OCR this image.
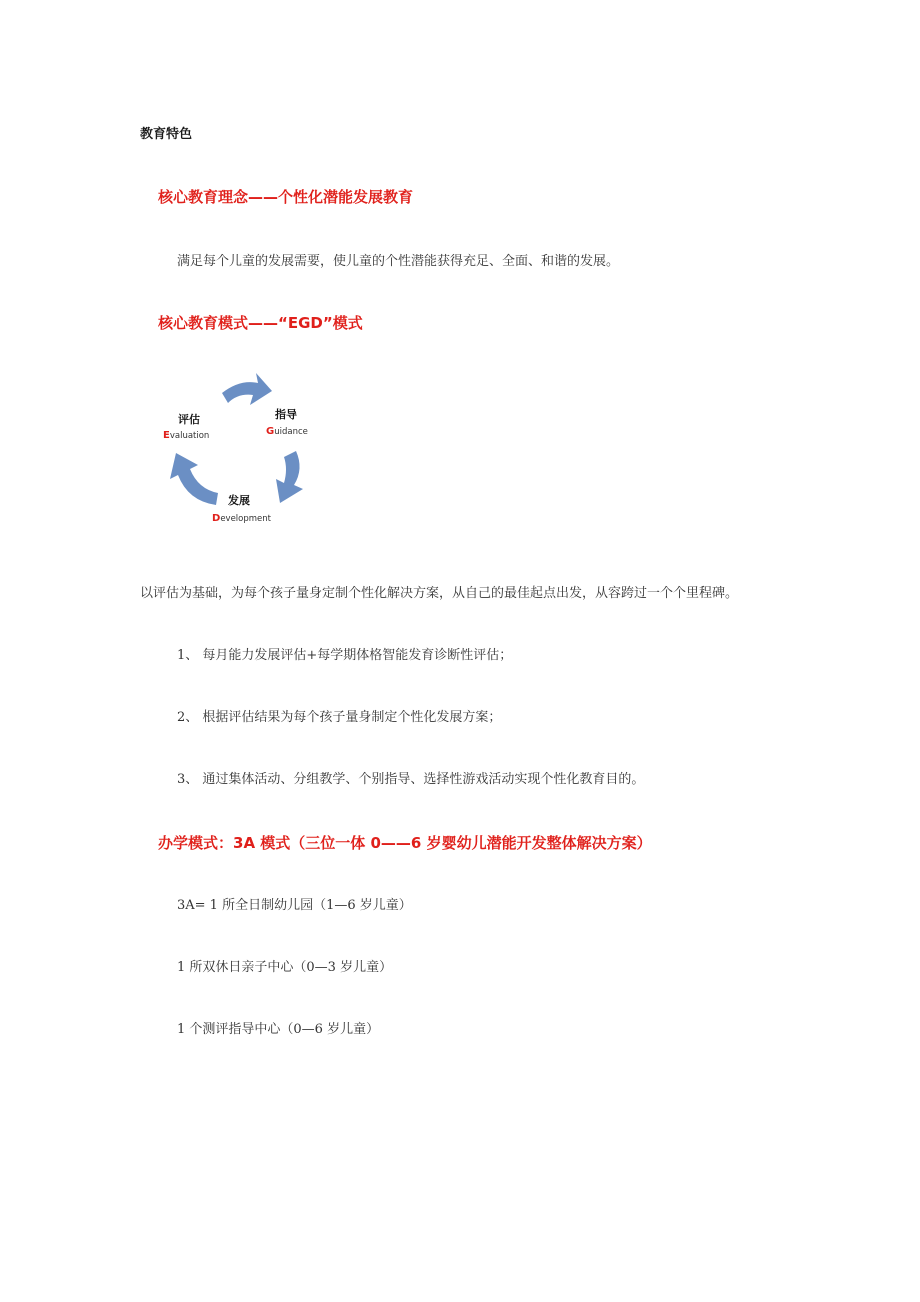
教育特色
核心教育理念——个性化潜能发展教育
满足每个儿童的发展需要，使儿童的个性潜能获得充足、全面、和谐的发展。
核心教育模式——“EGD”模式
评估
Evaluation
指导
Guidance
发展
Development
以评估为基础，为每个孩子量身定制个性化解决方案，从自己的最佳起点出发，从容跨过一个个里程碑。
1、 每月能力发展评估+每学期体格智能发育诊断性评估；
2、 根据评估结果为每个孩子量身制定个性化发展方案；
3、 通过集体活动、分组教学、个别指导、选择性游戏活动实现个性化教育目的。
办学模式：3A 模式（三位一体 0——6 岁婴幼儿潜能开发整体解决方案）
3A= 1 所全日制幼儿园（1—6 岁儿童）
1 所双休日亲子中心（0—3 岁儿童）
1 个测评指导中心（0—6 岁儿童）
